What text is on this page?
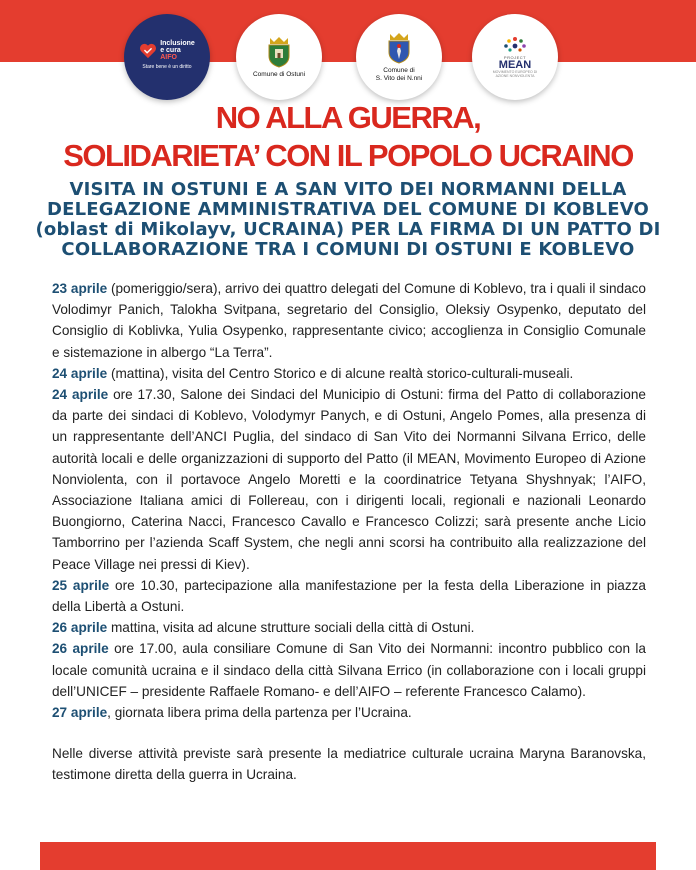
Inclusione
e cura
AIFO
Stare bene è un diritto
Comune di Ostuni
Comune di
S. Vito dei N.nni
PROJECT
MEAN
MOVIMENTO EUROPEO DI AZIONE NONVIOLENTA
NO ALLA GUERRA,
SOLIDARIETA’ CON IL POPOLO UCRAINO
VISITA IN OSTUNI E A SAN VITO DEI NORMANNI DELLA
DELEGAZIONE AMMINISTRATIVA DEL COMUNE DI KOBLEVO
(oblast di Mikolayv, UCRAINA) PER LA FIRMA DI UN PATTO DI
COLLABORAZIONE TRA I COMUNI DI OSTUNI E KOBLEVO

23 aprile (pomeriggio/sera), arrivo dei quattro delegati del Comune di Koblevo, tra i quali il sindaco Volodimyr Panich, Talokha Svitpana, segretario del Consiglio, Oleksiy Osypenko, deputato del Consiglio di Koblivka, Yulia Osypenko, rappresentante civico; accoglienza in Consiglio Comunale e sistemazione in albergo “La Terra”.

24 aprile (mattina), visita del Centro Storico e di alcune realtà storico-culturali-museali.

24 aprile ore 17.30, Salone dei Sindaci del Municipio di Ostuni: firma del Patto di collaborazione da parte dei sindaci di Koblevo, Volodymyr Panych, e di Ostuni, Angelo Pomes, alla presenza di un rappresentante dell’ANCI Puglia, del sindaco di San Vito dei Normanni Silvana Errico, delle autorità locali e delle organizzazioni di supporto del Patto (il MEAN, Movimento Europeo di Azione Nonviolenta, con il portavoce Angelo Moretti e la coordinatrice Tetyana Shyshnyak; l’AIFO, Associazione Italiana amici di Follereau, con i dirigenti locali, regionali e nazionali Leonardo Buongiorno, Caterina Nacci, Francesco Cavallo e Francesco Colizzi; sarà presente anche Licio Tamborrino per l’azienda Scaff System, che negli anni scorsi ha contribuito alla realizzazione del Peace Village nei pressi di Kiev).

25 aprile ore 10.30, partecipazione alla manifestazione per la festa della Liberazione in piazza della Libertà a Ostuni.

26 aprile mattina, visita ad alcune strutture sociali della città di Ostuni.

26 aprile ore 17.00, aula consiliare Comune di San Vito dei Normanni: incontro pubblico con la locale comunità ucraina e il sindaco della città Silvana Errico (in collaborazione con i locali gruppi dell’UNICEF – presidente Raffaele Romano- e dell’AIFO – referente Francesco Calamo).

27 aprile, giornata libera prima della partenza per l’Ucraina.

Nelle diverse attività previste sarà presente la mediatrice culturale ucraina Maryna Baranovska, testimone diretta della guerra in Ucraina.
